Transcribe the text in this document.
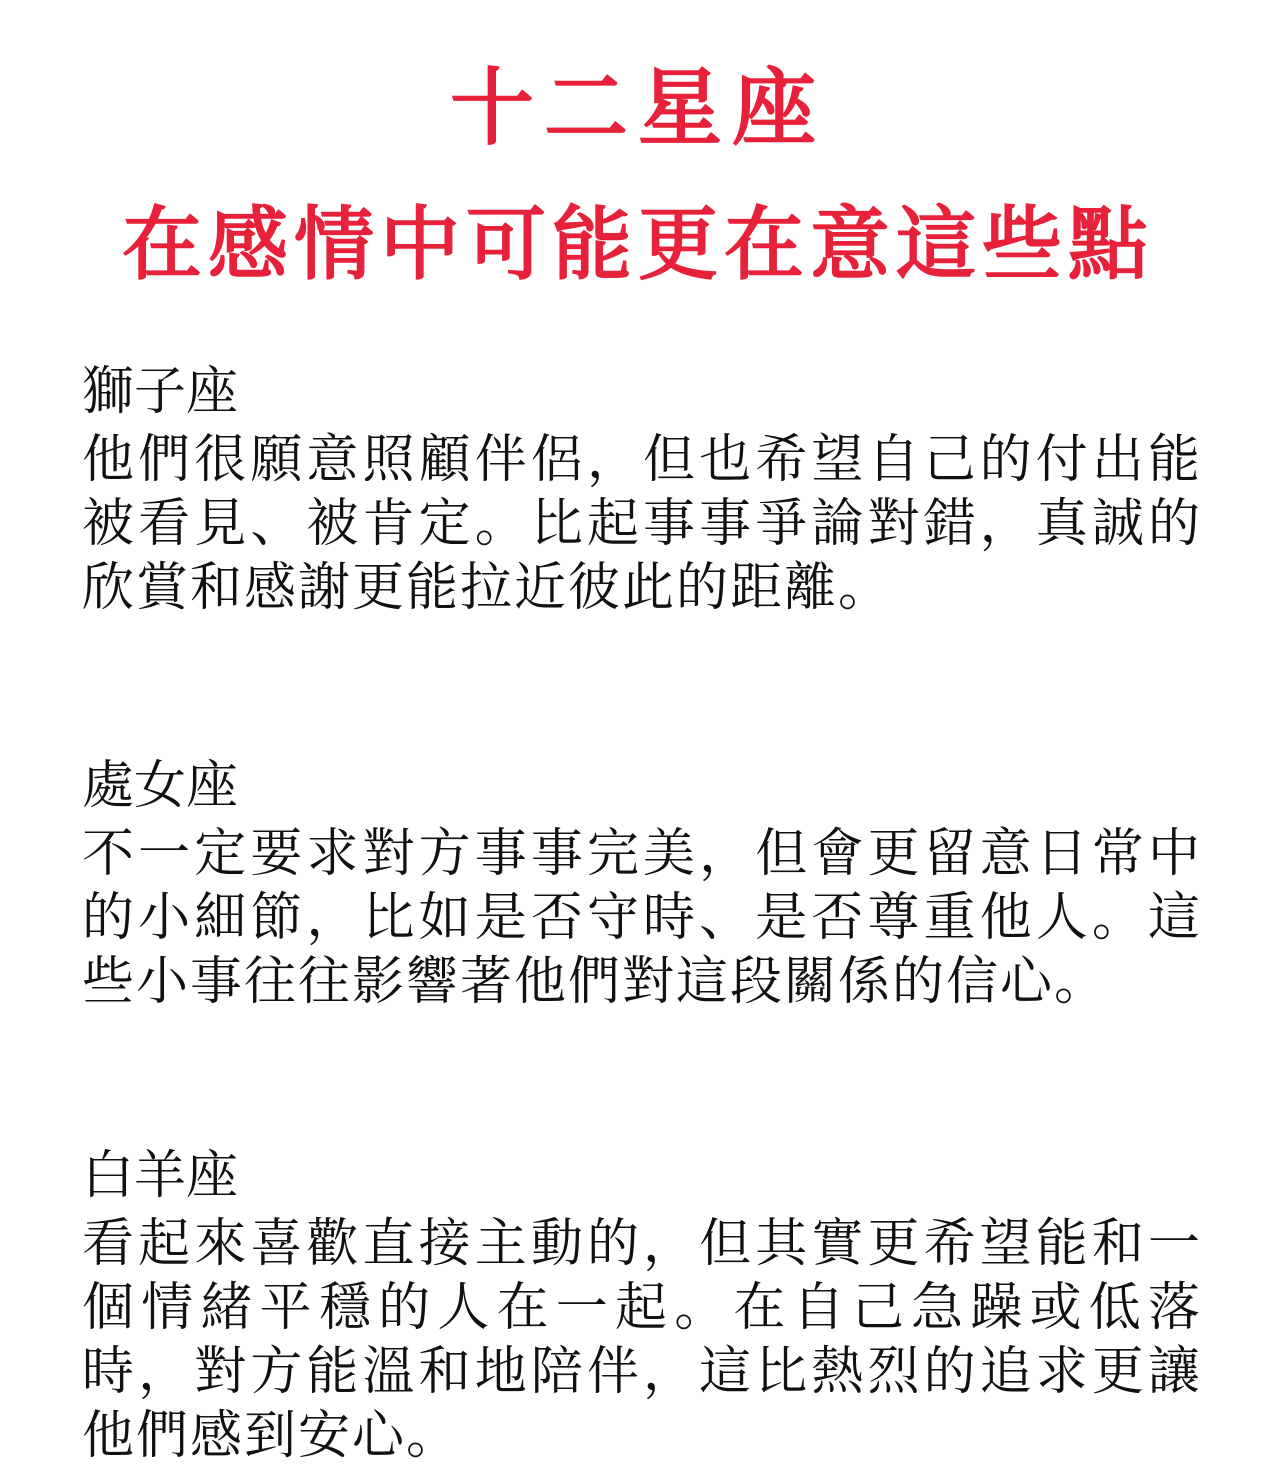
十二星座
在感情中可能更在意這些點
獅子座
他們很願意照顧伴侶，但也希望自己的付出能被看見、被肯定。比起事事爭論對錯，真誠的欣賞和感謝更能拉近彼此的距離。
處女座
不一定要求對方事事完美，但會更留意日常中的小細節，比如是否守時、是否尊重他人。這些小事往往影響著他們對這段關係的信心。
白羊座
看起來喜歡直接主動的，但其實更希望能和一個情緒平穩的人在一起。在自己急躁或低落時，對方能溫和地陪伴，這比熱烈的追求更讓他們感到安心。
